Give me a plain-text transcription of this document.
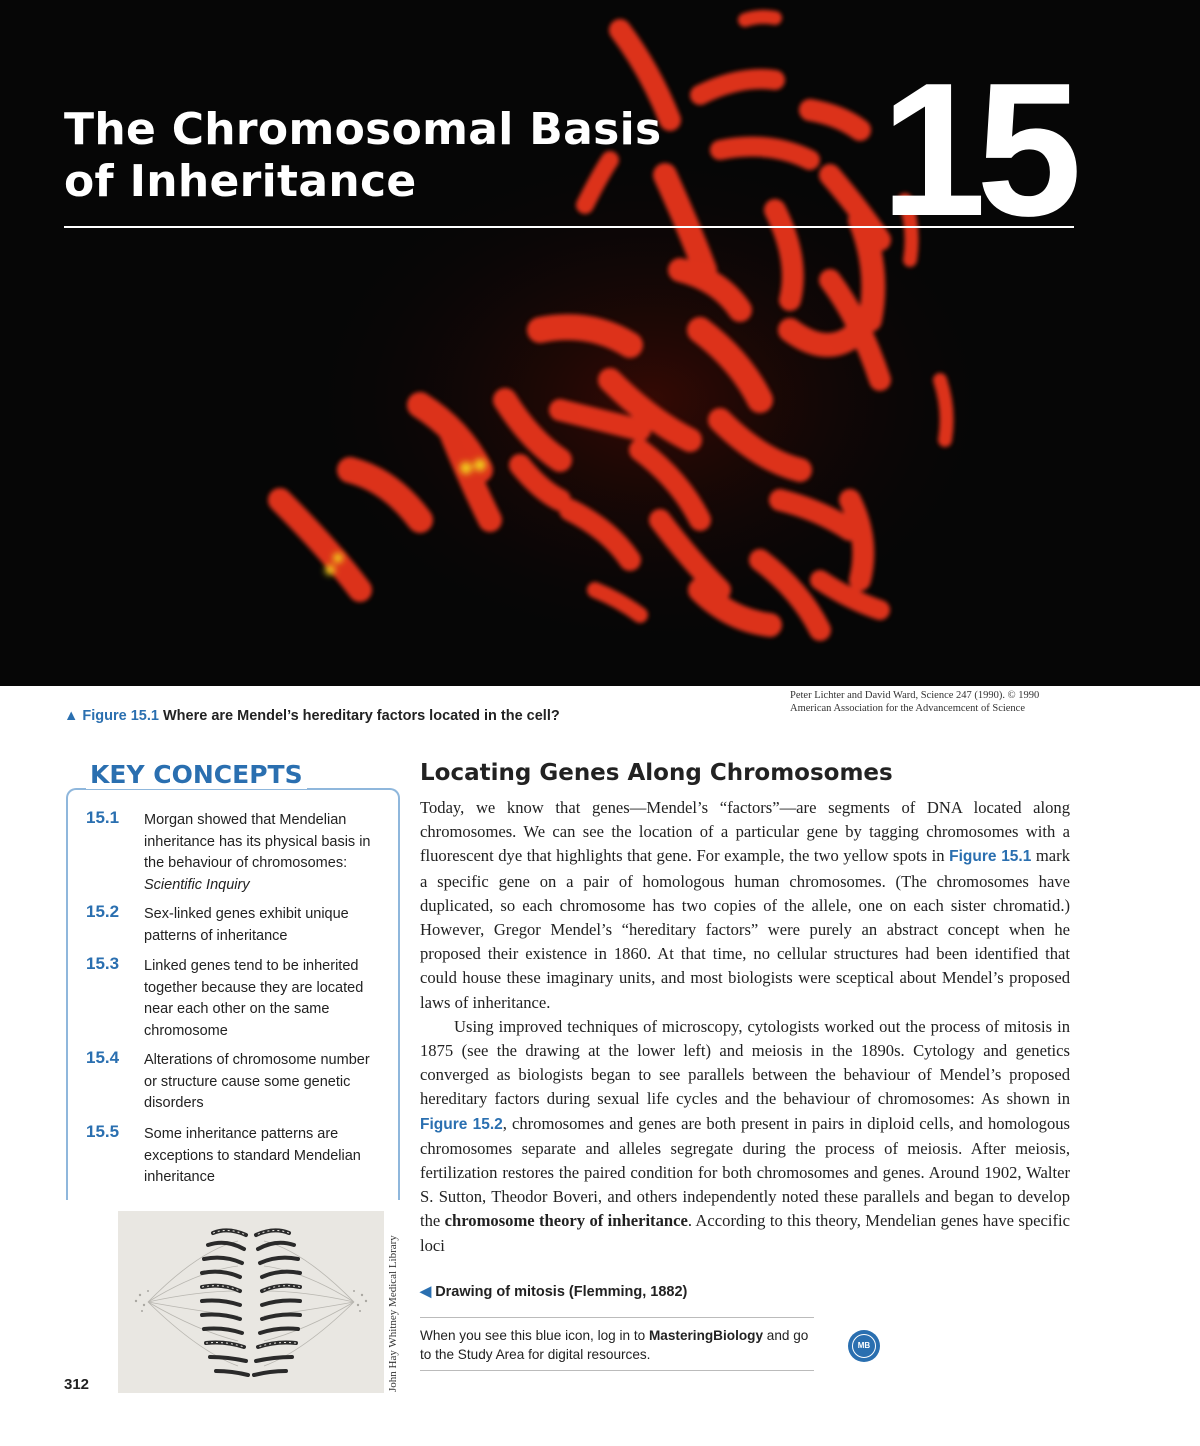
The Chromosomal Basis
of Inheritance	15
▲ Figure 15.1 Where are Mendel’s hereditary factors located in the cell?
Peter Lichter and David Ward, Science 247 (1990). © 1990
American Association for the Advancemcent of Science
KEY CONCEPTS
15.1 Morgan showed that Mendelian inheritance has its physical basis in the behaviour of chromosomes:
Scientific Inquiry

15.2 Sex-linked genes exhibit unique patterns of inheritance

15.3 Linked genes tend to be inherited together because they are located near each other on the same chromosome

15.4 Alterations of chromosome number or structure cause some genetic disorders

15.5 Some inheritance patterns are exceptions to standard Mendelian inheritance

John Hay Whitney Medical Library
312
Locating Genes Along Chromosomes

Today, we know that genes—Mendel’s “factors”—are segments of DNA located along chromosomes. We can see the location of a particular gene by tagging chromosomes with a fluorescent dye that highlights that gene. For example, the two yellow spots in Figure 15.1 mark a specific gene on a pair of homologous human chromosomes. (The chromosomes have duplicated, so each chromosome has two copies of the allele, one on each sister chromatid.) However, Gregor Mendel’s “hereditary factors” were purely an abstract concept when he proposed their existence in 1860. At that time, no cellular structures had been identified that could house these imaginary units, and most biologists were sceptical about Mendel’s proposed laws of inheritance.

Using improved techniques of microscopy, cytologists worked out the process of mitosis in 1875 (see the drawing at the lower left) and meiosis in the 1890s. Cytology and genetics converged as biologists began to see parallels between the behaviour of Mendel’s proposed hereditary factors during sexual life cycles and the behaviour of chromosomes: As shown in Figure 15.2, chromosomes and genes are both present in pairs in diploid cells, and homologous chromosomes separate and alleles segregate during the process of meiosis. After meiosis, fertilization restores the paired condition for both chromosomes and genes. Around 1902, Walter S. Sutton, Theodor Boveri, and others independently noted these parallels and began to develop the chromosome theory of inheritance. According to this theory, Mendelian genes have specific loci

◀ Drawing of mitosis (Flemming, 1882)
When you see this blue icon, log in to MasteringBiology and go to the Study Area for digital resources.
MB
